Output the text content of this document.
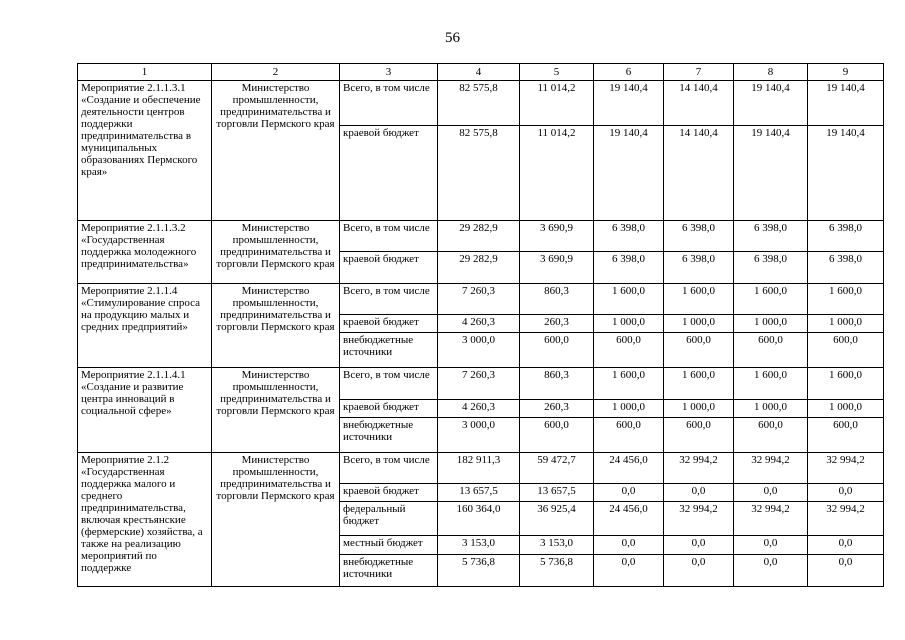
56
1	2	3	4	5	6	7	8	9
Мероприятие 2.1.1.3.1 «Создание и обеспечение деятельности центров поддержки предпринимательства в муниципальных образованиях Пермского края»	Министерство промышленности, предпринимательства и торговли Пермского края	Всего, в том числе	82 575,8	11 014,2	19 140,4	14 140,4	19 140,4	19 140,4
		краевой бюджет	82 575,8	11 014,2	19 140,4	14 140,4	19 140,4	19 140,4
Мероприятие 2.1.1.3.2 «Государственная поддержка молодежного предпринимательства»	Министерство промышленности, предпринимательства и торговли Пермского края	Всего, в том числе	29 282,9	3 690,9	6 398,0	6 398,0	6 398,0	6 398,0
		краевой бюджет	29 282,9	3 690,9	6 398,0	6 398,0	6 398,0	6 398,0
Мероприятие 2.1.1.4 «Стимулирование спроса на продукцию малых и средних предприятий»	Министерство промышленности, предпринимательства и торговли Пермского края	Всего, в том числе	7 260,3	860,3	1 600,0	1 600,0	1 600,0	1 600,0
		краевой бюджет	4 260,3	260,3	1 000,0	1 000,0	1 000,0	1 000,0
		внебюджетные источники	3 000,0	600,0	600,0	600,0	600,0	600,0
Мероприятие 2.1.1.4.1 «Создание и развитие центра инноваций в социальной сфере»	Министерство промышленности, предпринимательства и торговли Пермского края	Всего, в том числе	7 260,3	860,3	1 600,0	1 600,0	1 600,0	1 600,0
		краевой бюджет	4 260,3	260,3	1 000,0	1 000,0	1 000,0	1 000,0
		внебюджетные источники	3 000,0	600,0	600,0	600,0	600,0	600,0
Мероприятие 2.1.2 «Государственная поддержка малого и среднего предпринимательства, включая крестьянские (фермерские) хозяйства, а также на реализацию мероприятий по поддержке	Министерство промышленности, предпринимательства и торговли Пермского края	Всего, в том числе	182 911,3	59 472,7	24 456,0	32 994,2	32 994,2	32 994,2
		краевой бюджет	13 657,5	13 657,5	0,0	0,0	0,0	0,0
		федеральный бюджет	160 364,0	36 925,4	24 456,0	32 994,2	32 994,2	32 994,2
		местный бюджет	3 153,0	3 153,0	0,0	0,0	0,0	0,0
		внебюджетные источники	5 736,8	5 736,8	0,0	0,0	0,0	0,0
